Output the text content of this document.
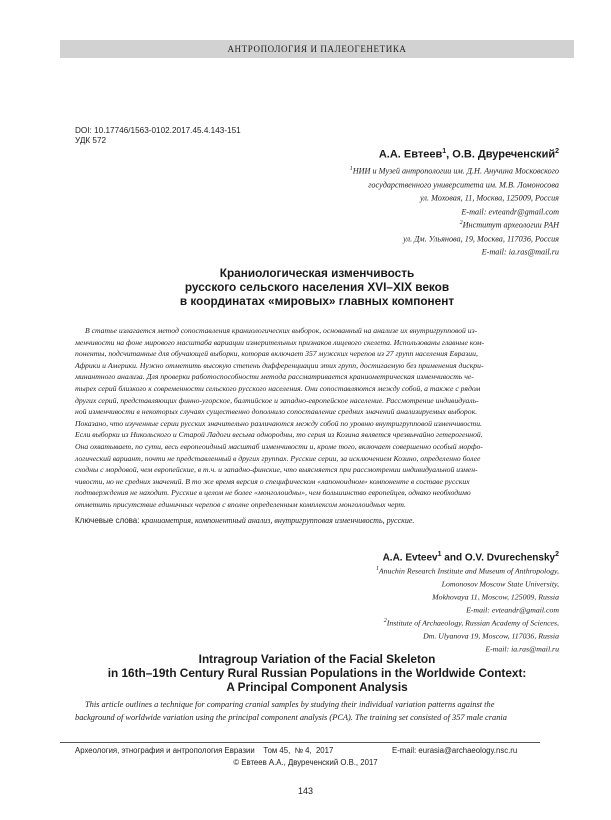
АНТРОПОЛОГИЯ И ПАЛЕОГЕНЕТИКА
DOI: 10.17746/1563-0102.2017.45.4.143-151
УДК 572
А.А. Евтеев$^1$, О.В. Двуреченский$^2$
$^1$НИИ и Музей антропологии им. Д.Н. Анучина Московского
государственного университета им. М.В. Ломоносова
ул. Моховая, 11, Москва, 125009, Россия
E-mail: evteandr@gmail.com
$^2$Институт археологии РАН
ул. Дм. Ульянова, 19, Москва, 117036, Россия
E-mail: ia.ras@mail.ru
Краниологическая изменчивость
русского сельского населения XVI–XIX веков
в координатах «мировых» главных компонент
В статье излагается метод сопоставления краниологических выборок, основанный на анализе их внутригрупповой из-
менчивости на фоне мирового масштаба вариации измерительных признаков лицевого скелета. Использованы главные ком-
поненты, подсчитанные для обучающей выборки, которая включает 357 мужских черепов из 27 групп населения Евразии,
Африки и Америки. Нужно отметить высокую степень дифференциации этих групп, достигаемую без применения дискри-
минантного анализа. Для проверки работоспособности метода рассматривается краниометрическая изменчивость че-
тырех серий близкого к современности сельского русского населения. Они сопоставляются между собой, а также с рядом
других серий, представляющих финно-угорское, балтийское и западно-европейское население. Рассмотрение индивидуаль-
ной изменчивости в некоторых случаях существенно дополнило сопоставление средних значений анализируемых выборок.
Показано, что изученные серии русских значительно различаются между собой по уровню внутригрупповой изменчивости.
Если выборки из Никольского и Старой Ладоги весьма однородны, то серия из Козина является чрезвычайно гетерогенной.
Она охватывает, по сути, весь европеоидный масштаб изменчивости и, кроме того, включает совершенно особый морфо-
логический вариант, почти не представленный в других группах. Русские серии, за исключением Козино, определенно более
сходны с мордовой, чем европейские, в т.ч. и западно-финские, что выясняется при рассмотрении индивидуальной измен-
чивости, но не средних значений. В то же время версия о специфическом «лапоноидном» компоненте в составе русских
подтверждения не находит. Русские в целом не более «монголоидны», чем большинство европейцев, однако необходимо
отметить присутствие единичных черепов с вполне определенным комплексом монголоидных черт.
Ключевые слова: краниометрия, компонентный анализ, внутригрупповая изменчивость, русские.
A.A. Evteev$^1$ and O.V. Dvurechensky$^2$
$^1$Anuchin Research Institute and Museum of Anthropology,
Lomonosov Moscow State University,
Mokhovaya 11, Moscow, 125009, Russia
E-mail: evteandr@gmail.com
$^2$Institute of Archaeology, Russian Academy of Sciences,
Dm. Ulyanova 19, Moscow, 117036, Russia
E-mail: ia.ras@mail.ru
Intragroup Variation of the Facial Skeleton
in 16th–19th Century Rural Russian Populations in the Worldwide Context:
A Principal Component Analysis
This article outlines a technique for comparing cranial samples by studying their individual variation patterns against the
background of worldwide variation using the principal component analysis (PCA). The training set consisted of 357 male crania
Археология, этнография и антропология Евразии    Том 45,  № 4,  2017	E-mail: eurasia@archaeology.nsc.ru
© Евтеев А.А., Двуреченский О.В., 2017
143
